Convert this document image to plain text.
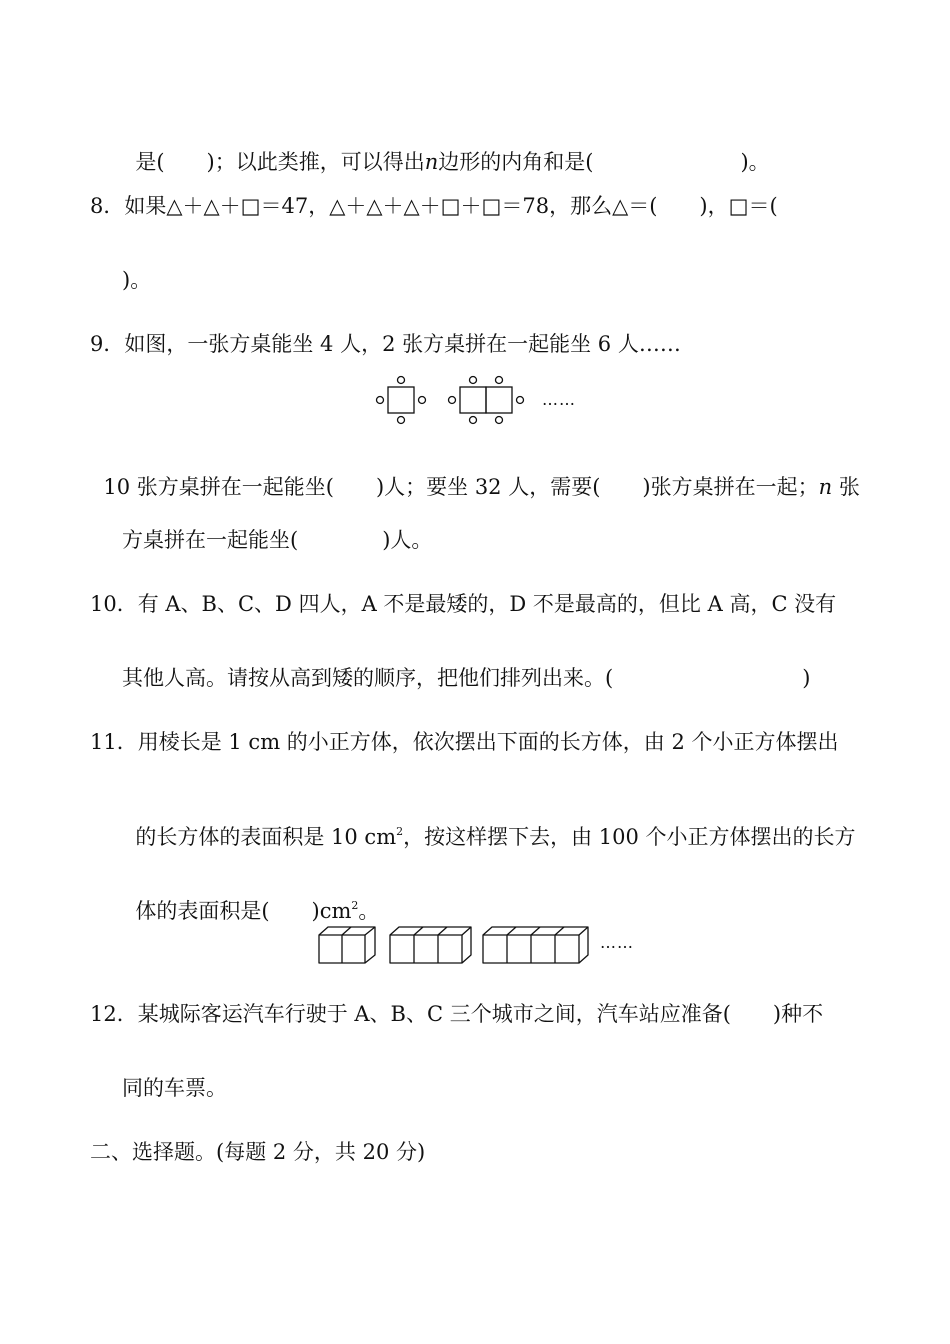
是(　　)；以此类推，可以得出n边形的内角和是(　　　　　　　)。

8．如果△＋△＋□＝47，△＋△＋△＋□＋□＝78，那么△＝(　　)，□＝(
)。
9．如图，一张方桌能坐 4 人，2 张方桌拼在一起能坐 6 人……
……

10 张方桌拼在一起能坐(　　)人；要坐 32 人，需要(　　)张方桌拼在一起；n 张

方桌拼在一起能坐(　　　　)人。
10．有 A、B、C、D 四人，A 不是最矮的，D 不是最高的，但比 A 高，C 没有
其他人高。请按从高到矮的顺序，把他们排列出来。(　　　　　　　　　)
11．用棱长是 1 cm 的小正方体，依次摆出下面的长方体，由 2 个小正方体摆出

的长方体的表面积是 10 $cm^2$，按这样摆下去，由 100 个小正方体摆出的长方

体的表面积是(　　)$cm^2$。

……
12．某城际客运汽车行驶于 A、B、C 三个城市之间，汽车站应准备(　　)种不
同的车票。
二、选择题。(每题 2 分，共 20 分)
